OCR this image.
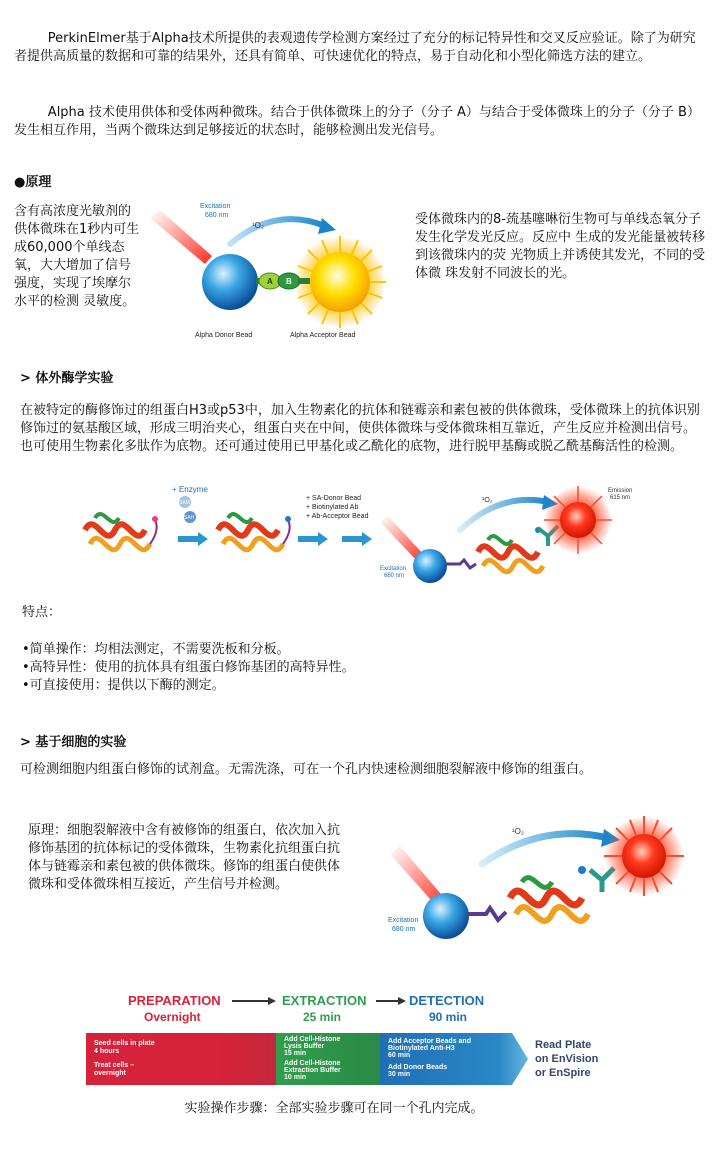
PerkinElmer基于Alpha技术所提供的表观遗传学检测方案经过了充分的标记特异性和交叉反应验证。除了为研究者提供高质量的数据和可靠的结果外，还具有简单、可快速优化的特点，易于自动化和小型化筛选方法的建立。

Alpha 技术使用供体和受体两种微珠。结合于供体微珠上的分子（分子 A）与结合于受体微珠上的分子（分子 B）发生相互作用，当两个微珠达到足够接近的状态时，能够检测出发光信号。

●原理

含有高浓度光敏剂的供体微珠在1秒内可生成60,000个单线态氧，大大增加了信号强度，实现了埃摩尔水平的检测 灵敏度。

受体微珠内的8-巯基噻啉衍生物可与单线态氧分子发生化学发光反应。反应中 生成的发光能量被转移到该微珠内的荧 光物质上并诱使其发光，不同的受体微 珠发射不同波长的光。

Excitation
680 nm
¹O₂
A B
Alpha Donor Bead	Alpha Acceptor Bead
> 体外酶学实验

在被特定的酶修饰过的组蛋白H3或p53中，加入生物素化的抗体和链霉亲和素包被的供体微珠，受体微珠上的抗体识别修饰过的氨基酸区域，形成三明治夹心，组蛋白夹在中间，使供体微珠与受体微珠相互靠近，产生反应并检测出信号。也可使用生物素化多肽作为底物。还可通过使用已甲基化或乙酰化的底物，进行脱甲基酶或脱乙酰基酶活性的检测。

+ Enzyme
SAM
SAH
+ SA-Donor Bead
+ Biotinylated Ab
+ Ab-Acceptor Bead
Excitation
680 nm
¹O₂
Emission
615 nm
特点：

•简单操作：均相法测定，不需要洗板和分板。

•高特异性：使用的抗体具有组蛋白修饰基团的高特异性。

•可直接使用：提供以下酶的测定。

> 基于细胞的实验

可检测细胞内组蛋白修饰的试剂盒。无需洗涤，可在一个孔内快速检测细胞裂解液中修饰的组蛋白。

原理：细胞裂解液中含有被修饰的组蛋白，依次加入抗修饰基团的抗体标记的受体微珠，生物素化抗组蛋白抗体与链霉亲和素包被的供体微珠。修饰的组蛋白使供体微珠和受体微珠相互接近，产生信号并检测。

Excitation
680 nm
¹O₂
PREPARATION
Overnight
EXTRACTION
25 min
DETECTION
90 min
Seed cells in plate
4 hours
Treat cells –
overnight
Add Cell-Histone
Lysis Buffer
15 min
Add Cell-Histone
Extraction Buffer
10 min
Add Acceptor Beads and
Biotinylated Anti-H3
60 min
Add Donor Beads
30 min
Read Plate
on EnVision
or EnSpire
实验操作步骤：全部实验步骤可在同一个孔内完成。
